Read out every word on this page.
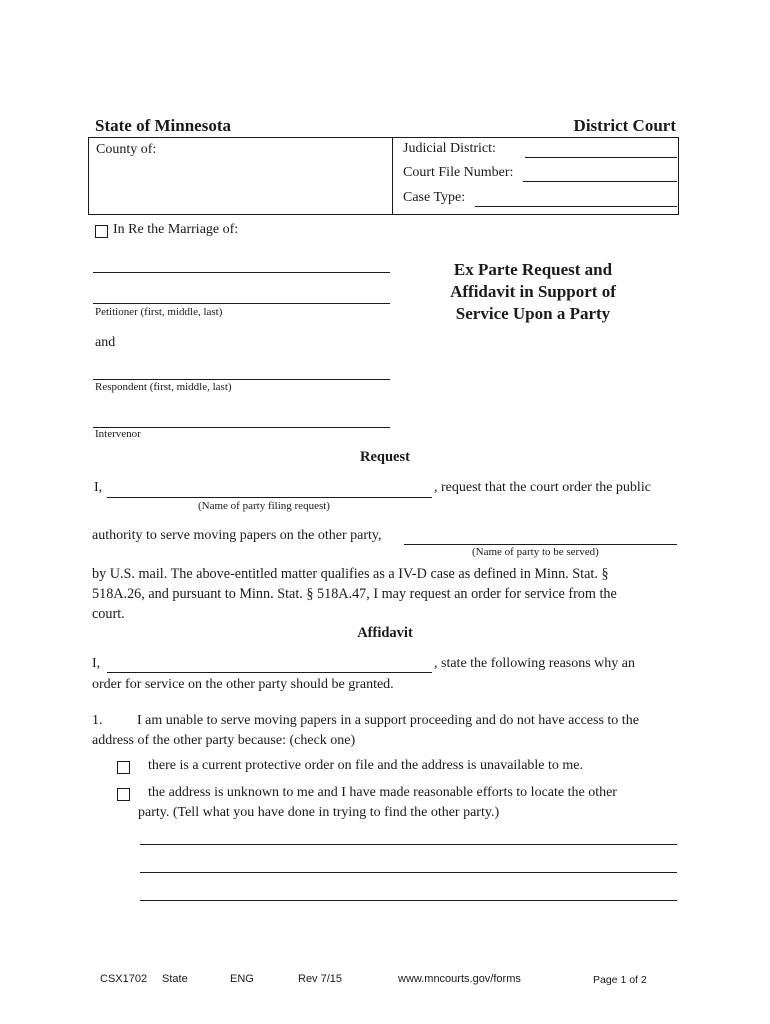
State of Minnesota	District Court
County of:	Judicial District:
Court File Number:
Case Type:
In Re the Marriage of:
Petitioner (first, middle, last)
and
Respondent (first, middle, last)
Intervenor
Ex Parte Request and
Affidavit in Support of
Service Upon a Party
Request
I,	, request that the court order the public
(Name of party filing request)
authority to serve moving papers on the other party,
(Name of party to be served)
by U.S. mail. The above-entitled matter qualifies as a IV-D case as defined in Minn. Stat. §
518A.26, and pursuant to Minn. Stat. § 518A.47, I may request an order for service from the
court.
Affidavit
I,	, state the following reasons why an
order for service on the other party should be granted.
1. I am unable to serve moving papers in a support proceeding and do not have access to the
address of the other party because: (check one)
there is a current protective order on file and the address is unavailable to me.
the address is unknown to me and I have made reasonable efforts to locate the other
party. (Tell what you have done in trying to find the other party.)
CSX1702 State	ENG	Rev 7/15	www.mncourts.gov/forms	Page 1 of 2
